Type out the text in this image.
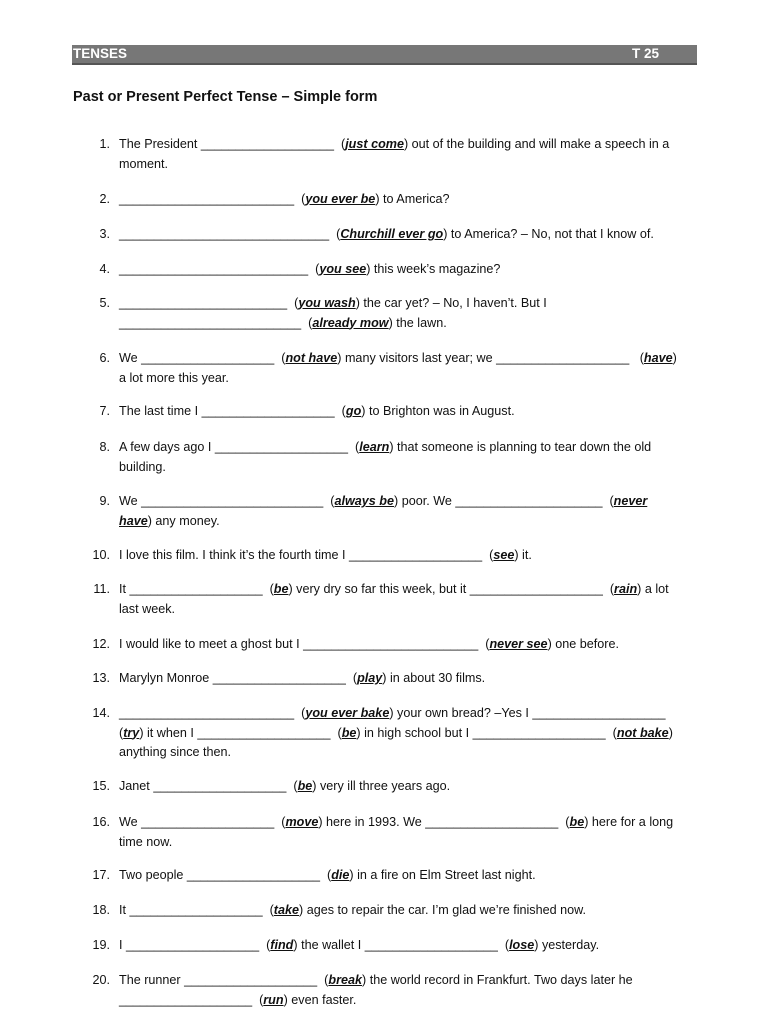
TENSES	T 25
Past or Present Perfect Tense – Simple form
1. The President ___________________  (just come) out of the building and will make a speech in a
moment.
2. _________________________  (you ever be) to America?
3. ______________________________  (Churchill ever go) to America? – No, not that I know of.
4. ___________________________  (you see) this week’s magazine?
5. ________________________  (you wash) the car yet? – No, I haven’t. But I
__________________________  (already mow) the lawn.
6. We ___________________  (not have) many visitors last year; we ___________________   (have)
a lot more this year.
7. The last time I ___________________  (go) to Brighton was in August.
8. A few days ago I ___________________  (learn) that someone is planning to tear down the old
building.
9. We __________________________  (always be) poor. We _____________________  (never
have) any money.
10. I love this film. I think it’s the fourth time I ___________________  (see) it.
11. It ___________________  (be) very dry so far this week, but it ___________________  (rain) a lot
last week.
12. I would like to meet a ghost but I _________________________  (never see) one before.
13. Marylyn Monroe ___________________  (play) in about 30 films.
14. _________________________  (you ever bake) your own bread? –Yes I ___________________
(try) it when I ___________________  (be) in high school but I ___________________  (not bake)
anything since then.
15. Janet ___________________  (be) very ill three years ago.
16. We ___________________  (move) here in 1993. We ___________________  (be) here for a long
time now.
17. Two people ___________________  (die) in a fire on Elm Street last night.
18. It ___________________  (take) ages to repair the car. I’m glad we’re finished now.
19. I ___________________  (find) the wallet I ___________________  (lose) yesterday.
20. The runner ___________________  (break) the world record in Frankfurt. Two days later he
___________________  (run) even faster.
